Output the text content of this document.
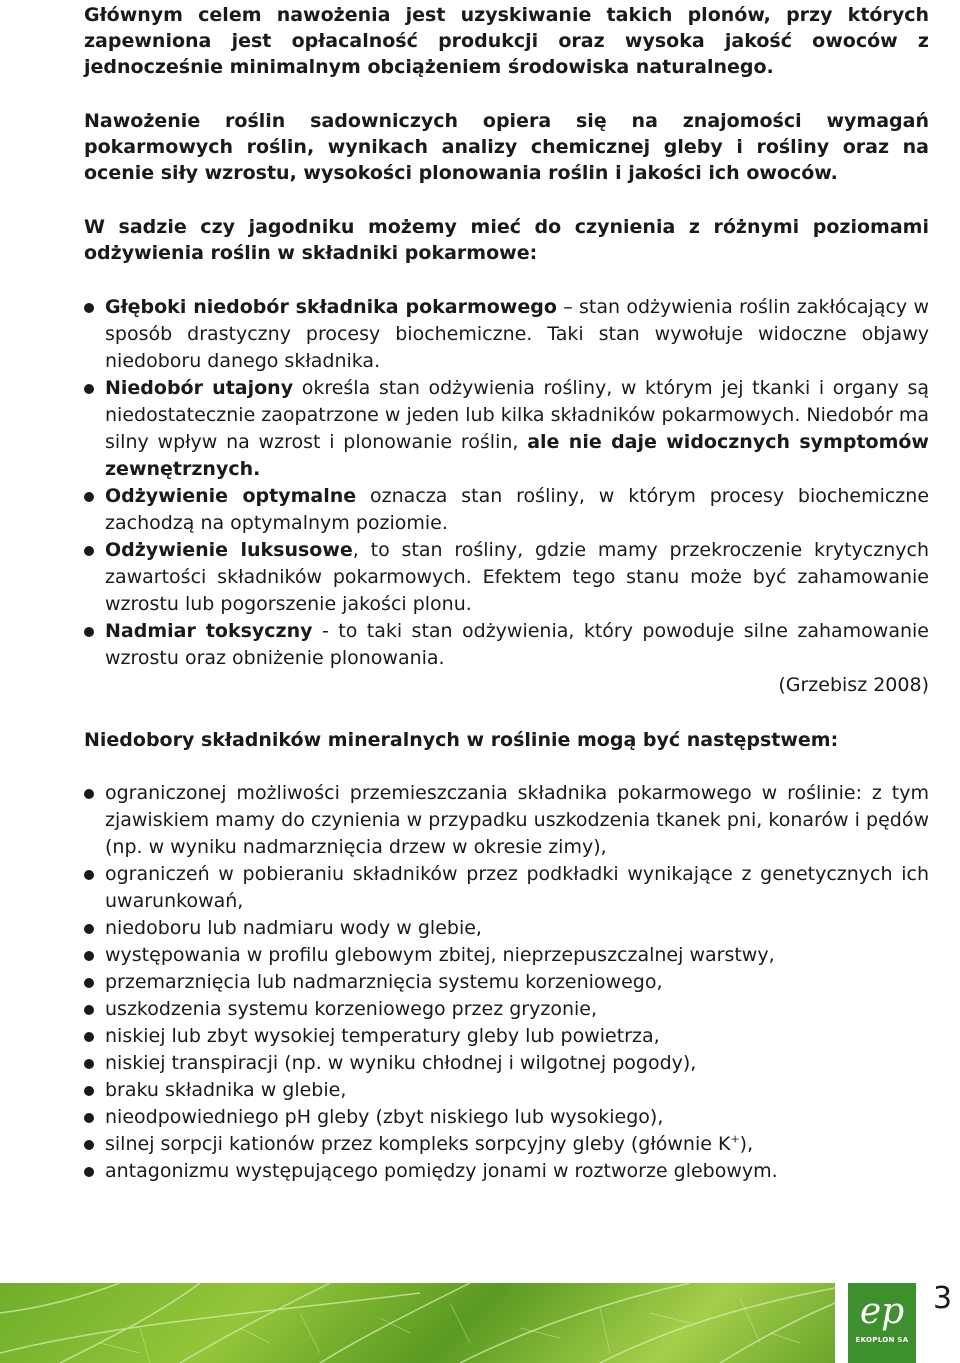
Głównym celem nawożenia jest uzyskiwanie takich plonów, przy których zapewniona jest opłacalność produkcji oraz wysoka jakość owoców z jednocześnie minimalnym obciążeniem środowiska naturalnego.

Nawożenie roślin sadowniczych opiera się na znajomości wymagań pokarmowych roślin, wynikach analizy chemicznej gleby i rośliny oraz na ocenie siły wzrostu, wysokości plonowania roślin i jakości ich owoców.

W sadzie czy jagodniku możemy mieć do czynienia z różnymi poziomami odżywienia roślin w składniki pokarmowe:

Głęboki niedobór składnika pokarmowego – stan odżywienia roślin zakłócający w sposób drastyczny procesy biochemiczne. Taki stan wywołuje widoczne objawy niedoboru danego składnika.
Niedobór utajony określa stan odżywienia rośliny, w którym jej tkanki i organy są niedostatecznie zaopatrzone w jeden lub kilka składników pokarmowych. Niedobór ma silny wpływ na wzrost i plonowanie roślin, ale nie daje widocznych symptomów zewnętrznych.
Odżywienie optymalne oznacza stan rośliny, w którym procesy biochemiczne zachodzą na optymalnym poziomie.
Odżywienie luksusowe, to stan rośliny, gdzie mamy przekroczenie krytycznych zawartości składników pokarmowych. Efektem tego stanu może być zahamowanie wzrostu lub pogorszenie jakości plonu.
Nadmiar toksyczny - to taki stan odżywienia, który powoduje silne zahamowanie wzrostu oraz obniżenie plonowania.
(Grzebisz 2008)
Niedobory składników mineralnych w roślinie mogą być następstwem:
ograniczonej możliwości przemieszczania składnika pokarmowego w roślinie: z tym zjawiskiem mamy do czynienia w przypadku uszkodzenia tkanek pni, konarów i pędów (np. w wyniku nadmarznięcia drzew w okresie zimy),
ograniczeń w pobieraniu składników przez podkładki wynikające z genetycznych ich uwarunkowań,
niedoboru lub nadmiaru wody w glebie,
występowania w profilu glebowym zbitej, nieprzepuszczalnej warstwy,
przemarznięcia lub nadmarznięcia systemu korzeniowego,
uszkodzenia systemu korzeniowego przez gryzonie,
niskiej lub zbyt wysokiej temperatury gleby lub powietrza,
niskiej transpiracji (np. w wyniku chłodnej i wilgotnej pogody),
braku składnika w glebie,
nieodpowiedniego pH gleby (zbyt niskiego lub wysokiego),
silnej sorpcji kationów przez kompleks sorpcyjny gleby (głównie K+),
antagonizmu występującego pomiędzy jonami w roztworze glebowym.
ep
EKOPLON SA
3
